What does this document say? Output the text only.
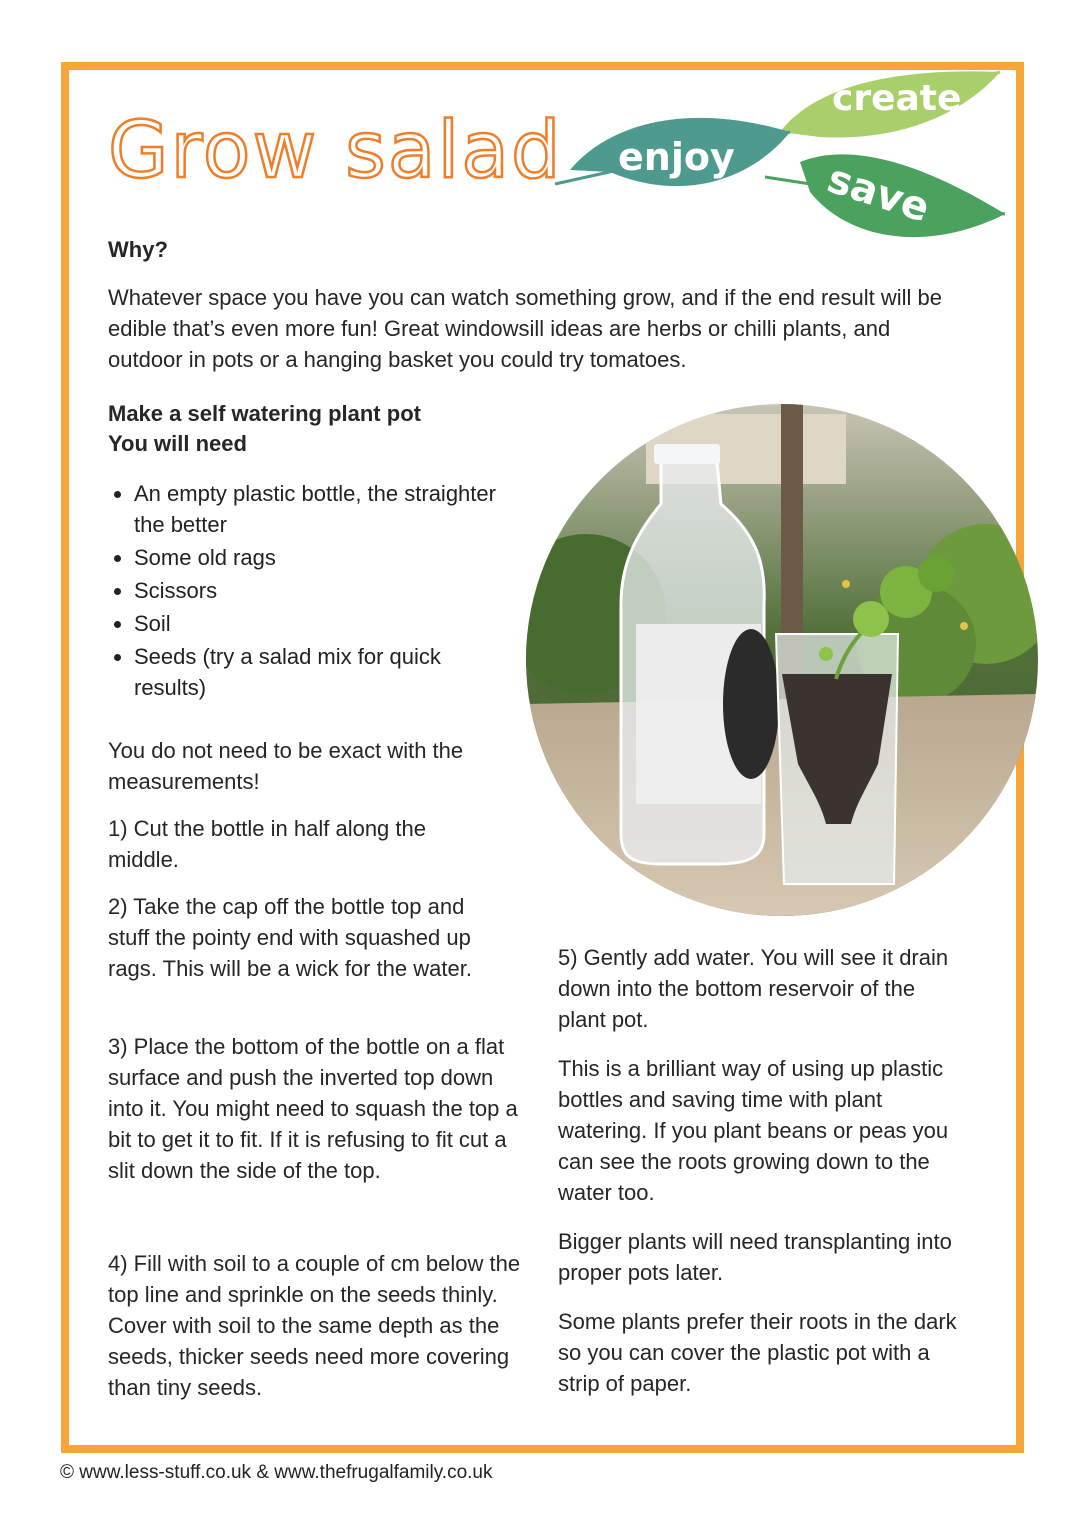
Grow salad
create
enjoy save
Why?
Whatever space you have you can watch something grow, and if the end result will be edible that’s even more fun! Great windowsill ideas are herbs or chilli plants, and outdoor in pots or a hanging basket you could try tomatoes.
Make a self watering plant pot
You will need
• An empty plastic bottle, the straighter the better
• Some old rags
• Scissors
• Soil
• Seeds (try a salad mix for quick results)
You do not need to be exact with the measurements!
1) Cut the bottle in half along the middle.
2) Take the cap off the bottle top and stuff the pointy end with squashed up rags. This will be a wick for the water.
3) Place the bottom of the bottle on a flat surface and push the inverted top down into it. You might need to squash the top a bit to get it to fit. If it is refusing to fit cut a slit down the side of the top.
4) Fill with soil to a couple of cm below the top line and sprinkle on the seeds thinly. Cover with soil to the same depth as the seeds, thicker seeds need more covering than tiny seeds.
5) Gently add water. You will see it drain down into the bottom reservoir of the plant pot.
This is a brilliant way of using up plastic bottles and saving time with plant watering. If you plant beans or peas you can see the roots growing down to the water too.
Bigger plants will need transplanting into proper pots later.
Some plants prefer their roots in the dark so you can cover the plastic pot with a strip of paper.
© www.less-stuff.co.uk & www.thefrugalfamily.co.uk
